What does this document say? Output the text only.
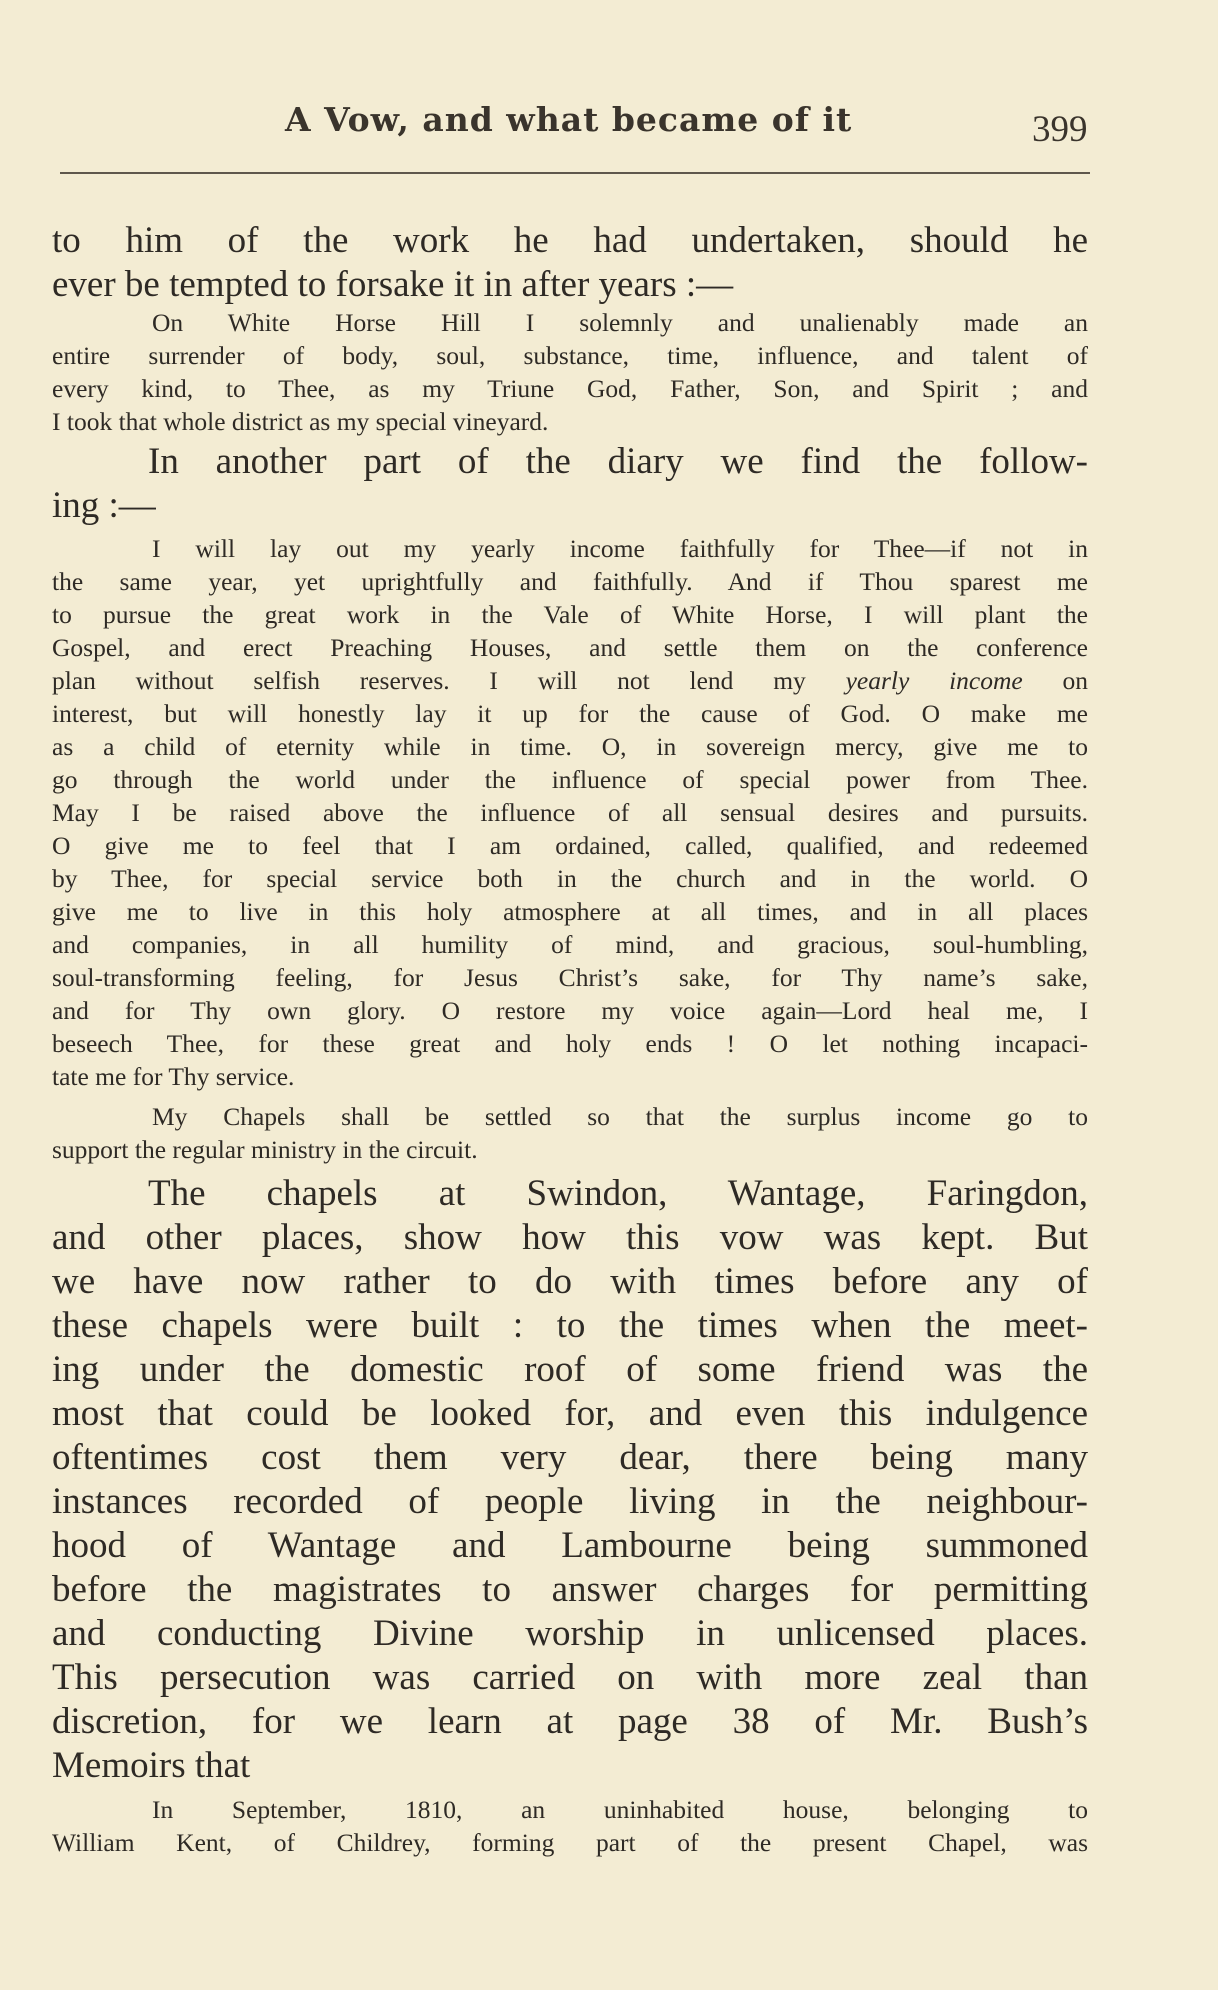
A Vow, and what became of it	399
to him of the work he had undertaken, should he
ever be tempted to forsake it in after years :—
On White Horse Hill I solemnly and unalienably made an
entire surrender of body, soul, substance, time, influence, and talent of
every kind, to Thee, as my Triune God, Father, Son, and Spirit ; and
I took that whole district as my special vineyard.
In another part of the diary we find the follow-
ing :—
I will lay out my yearly income faithfully for Thee—if not in
the same year, yet uprightfully and faithfully. And if Thou sparest me
to pursue the great work in the Vale of White Horse, I will plant the
Gospel, and erect Preaching Houses, and settle them on the conference
plan without selfish reserves. I will not lend my yearly income on
interest, but will honestly lay it up for the cause of God. O make me
as a child of eternity while in time. O, in sovereign mercy, give me to
go through the world under the influence of special power from Thee.
May I be raised above the influence of all sensual desires and pursuits.
O give me to feel that I am ordained, called, qualified, and redeemed
by Thee, for special service both in the church and in the world. O
give me to live in this holy atmosphere at all times, and in all places
and companies, in all humility of mind, and gracious, soul-humbling,
soul-transforming feeling, for Jesus Christ’s sake, for Thy name’s sake,
and for Thy own glory. O restore my voice again—Lord heal me, I
beseech Thee, for these great and holy ends ! O let nothing incapaci-
tate me for Thy service.
My Chapels shall be settled so that the surplus income go to
support the regular ministry in the circuit.
The chapels at Swindon, Wantage, Faringdon,
and other places, show how this vow was kept. But
we have now rather to do with times before any of
these chapels were built : to the times when the meet-
ing under the domestic roof of some friend was the
most that could be looked for, and even this indulgence
oftentimes cost them very dear, there being many
instances recorded of people living in the neighbour-
hood of Wantage and Lambourne being summoned
before the magistrates to answer charges for permitting
and conducting Divine worship in unlicensed places.
This persecution was carried on with more zeal than
discretion, for we learn at page 38 of Mr. Bush’s
Memoirs that
In September, 1810, an uninhabited house, belonging to
William Kent, of Childrey, forming part of the present Chapel, was
